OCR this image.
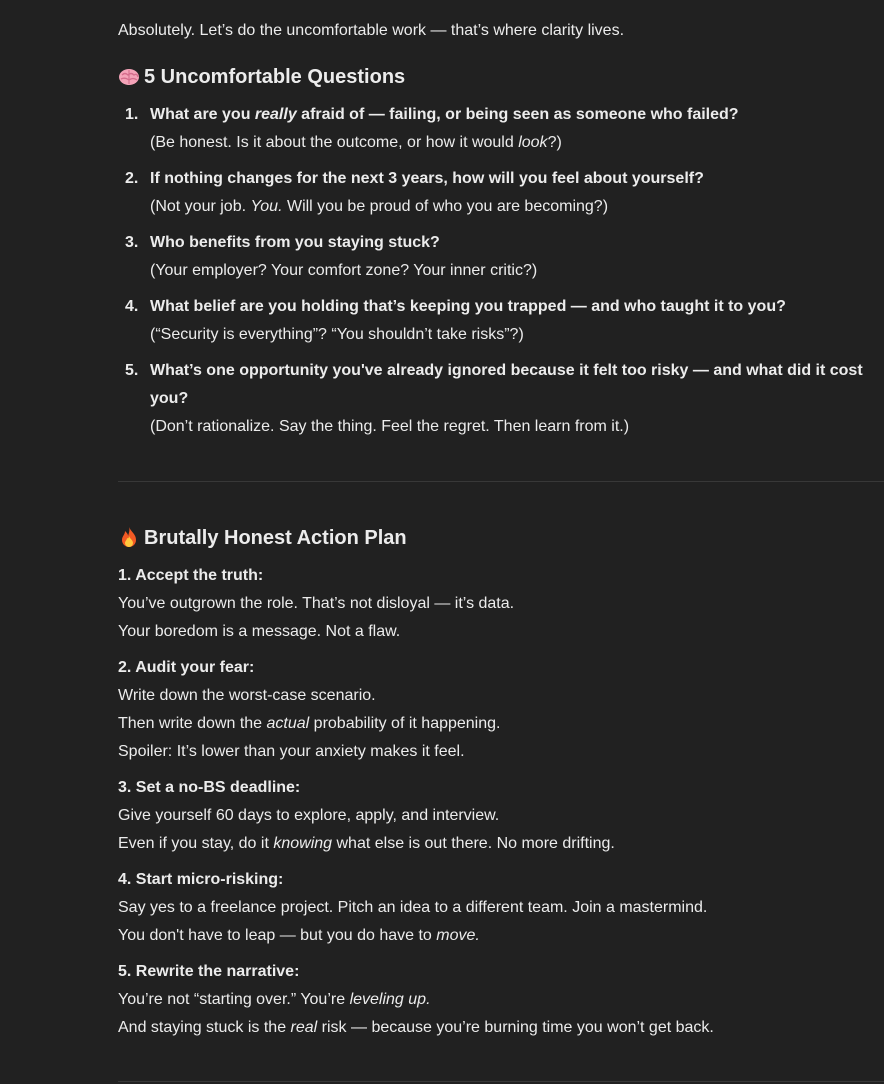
Absolutely. Let’s do the uncomfortable work — that’s where clarity lives.
5 Uncomfortable Questions
1. What are you really afraid of — failing, or being seen as someone who failed?
(Be honest. Is it about the outcome, or how it would look?)
2. If nothing changes for the next 3 years, how will you feel about yourself?
(Not your job. You. Will you be proud of who you are becoming?)
3. Who benefits from you staying stuck?
(Your employer? Your comfort zone? Your inner critic?)
4. What belief are you holding that’s keeping you trapped — and who taught it to you?
(“Security is everything”? “You shouldn’t take risks”?)
5. What’s one opportunity you've already ignored because it felt too risky — and what did it cost you?
(Don’t rationalize. Say the thing. Feel the regret. Then learn from it.)
Brutally Honest Action Plan
1. Accept the truth:
You’ve outgrown the role. That’s not disloyal — it’s data.
Your boredom is a message. Not a flaw.
2. Audit your fear:
Write down the worst-case scenario.
Then write down the actual probability of it happening.
Spoiler: It’s lower than your anxiety makes it feel.
3. Set a no-BS deadline:
Give yourself 60 days to explore, apply, and interview.
Even if you stay, do it knowing what else is out there. No more drifting.
4. Start micro-risking:
Say yes to a freelance project. Pitch an idea to a different team. Join a mastermind.
You don't have to leap — but you do have to move.
5. Rewrite the narrative:
You’re not “starting over.” You’re leveling up.
And staying stuck is the real risk — because you’re burning time you won’t get back.
